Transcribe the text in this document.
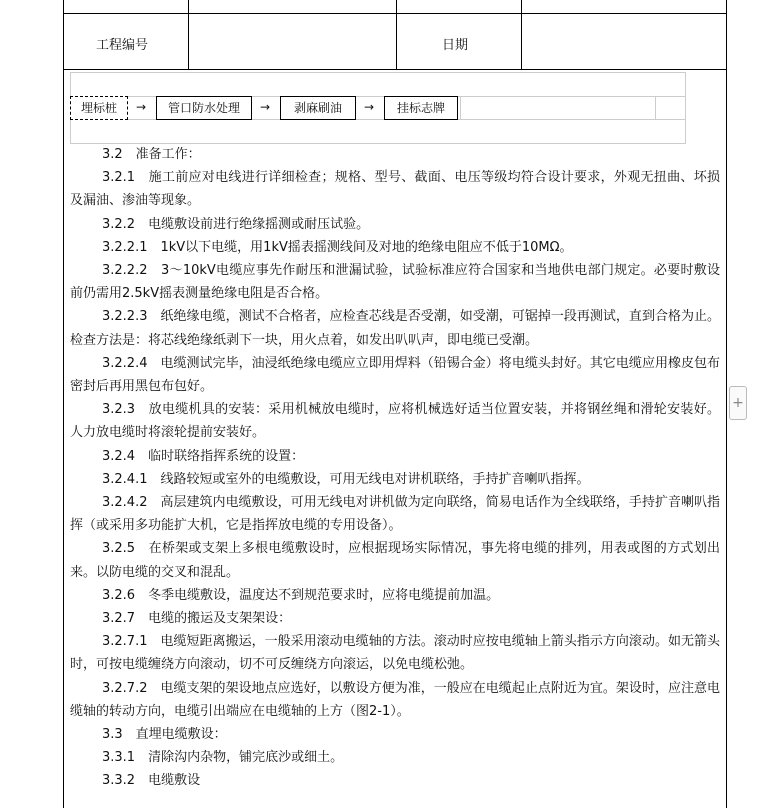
工程编号	日期
埋标桩	→	管口防水处理	→	剥麻刷油	→	挂标志牌

3.2　准备工作：

3.2.1　施工前应对电线进行详细检查；规格、型号、截面、电压等级均符合设计要求，外观无扭曲、坏损及漏油、渗油等现象。

3.2.2　电缆敷设前进行绝缘摇测或耐压试验。

3.2.2.1　1kV以下电缆，用1kV摇表摇测线间及对地的绝缘电阻应不低于10MΩ。

3.2.2.2　3～10kV电缆应事先作耐压和泄漏试验，试验标准应符合国家和当地供电部门规定。必要时敷设前仍需用2.5kV摇表测量绝缘电阻是否合格。

3.2.2.3　纸绝缘电缆，测试不合格者，应检查芯线是否受潮，如受潮，可锯掉一段再测试，直到合格为止。检查方法是：将芯线绝缘纸剥下一块，用火点着，如发出叭叭声，即电缆已受潮。

3.2.2.4　电缆测试完毕，油浸纸绝缘电缆应立即用焊料（铅锡合金）将电缆头封好。其它电缆应用橡皮包布密封后再用黑包布包好。

3.2.3　放电缆机具的安装：采用机械放电缆时，应将机械选好适当位置安装，并将钢丝绳和滑轮安装好。人力放电缆时将滚轮提前安装好。

3.2.4　临时联络指挥系统的设置：

3.2.4.1　线路较短或室外的电缆敷设，可用无线电对讲机联络，手持扩音喇叭指挥。

3.2.4.2　高层建筑内电缆敷设，可用无线电对讲机做为定向联络，简易电话作为全线联络，手持扩音喇叭指挥（或采用多功能扩大机，它是指挥放电缆的专用设备）。

3.2.5　在桥架或支架上多根电缆敷设时，应根据现场实际情况，事先将电缆的排列，用表或图的方式划出来。以防电缆的交叉和混乱。

3.2.6　冬季电缆敷设，温度达不到规范要求时，应将电缆提前加温。

3.2.7　电缆的搬运及支架架设：

3.2.7.1　电缆短距离搬运，一般采用滚动电缆轴的方法。滚动时应按电缆轴上箭头指示方向滚动。如无箭头时，可按电缆缠绕方向滚动，切不可反缠绕方向滚运，以免电缆松弛。

3.2.7.2　电缆支架的架设地点应选好，以敷设方便为准，一般应在电缆起止点附近为宜。架设时，应注意电缆轴的转动方向，电缆引出端应在电缆轴的上方（图2-1）。

3.3　直埋电缆敷设：

3.3.1　清除沟内杂物，铺完底沙或细土。

3.3.2　电缆敷设

+
